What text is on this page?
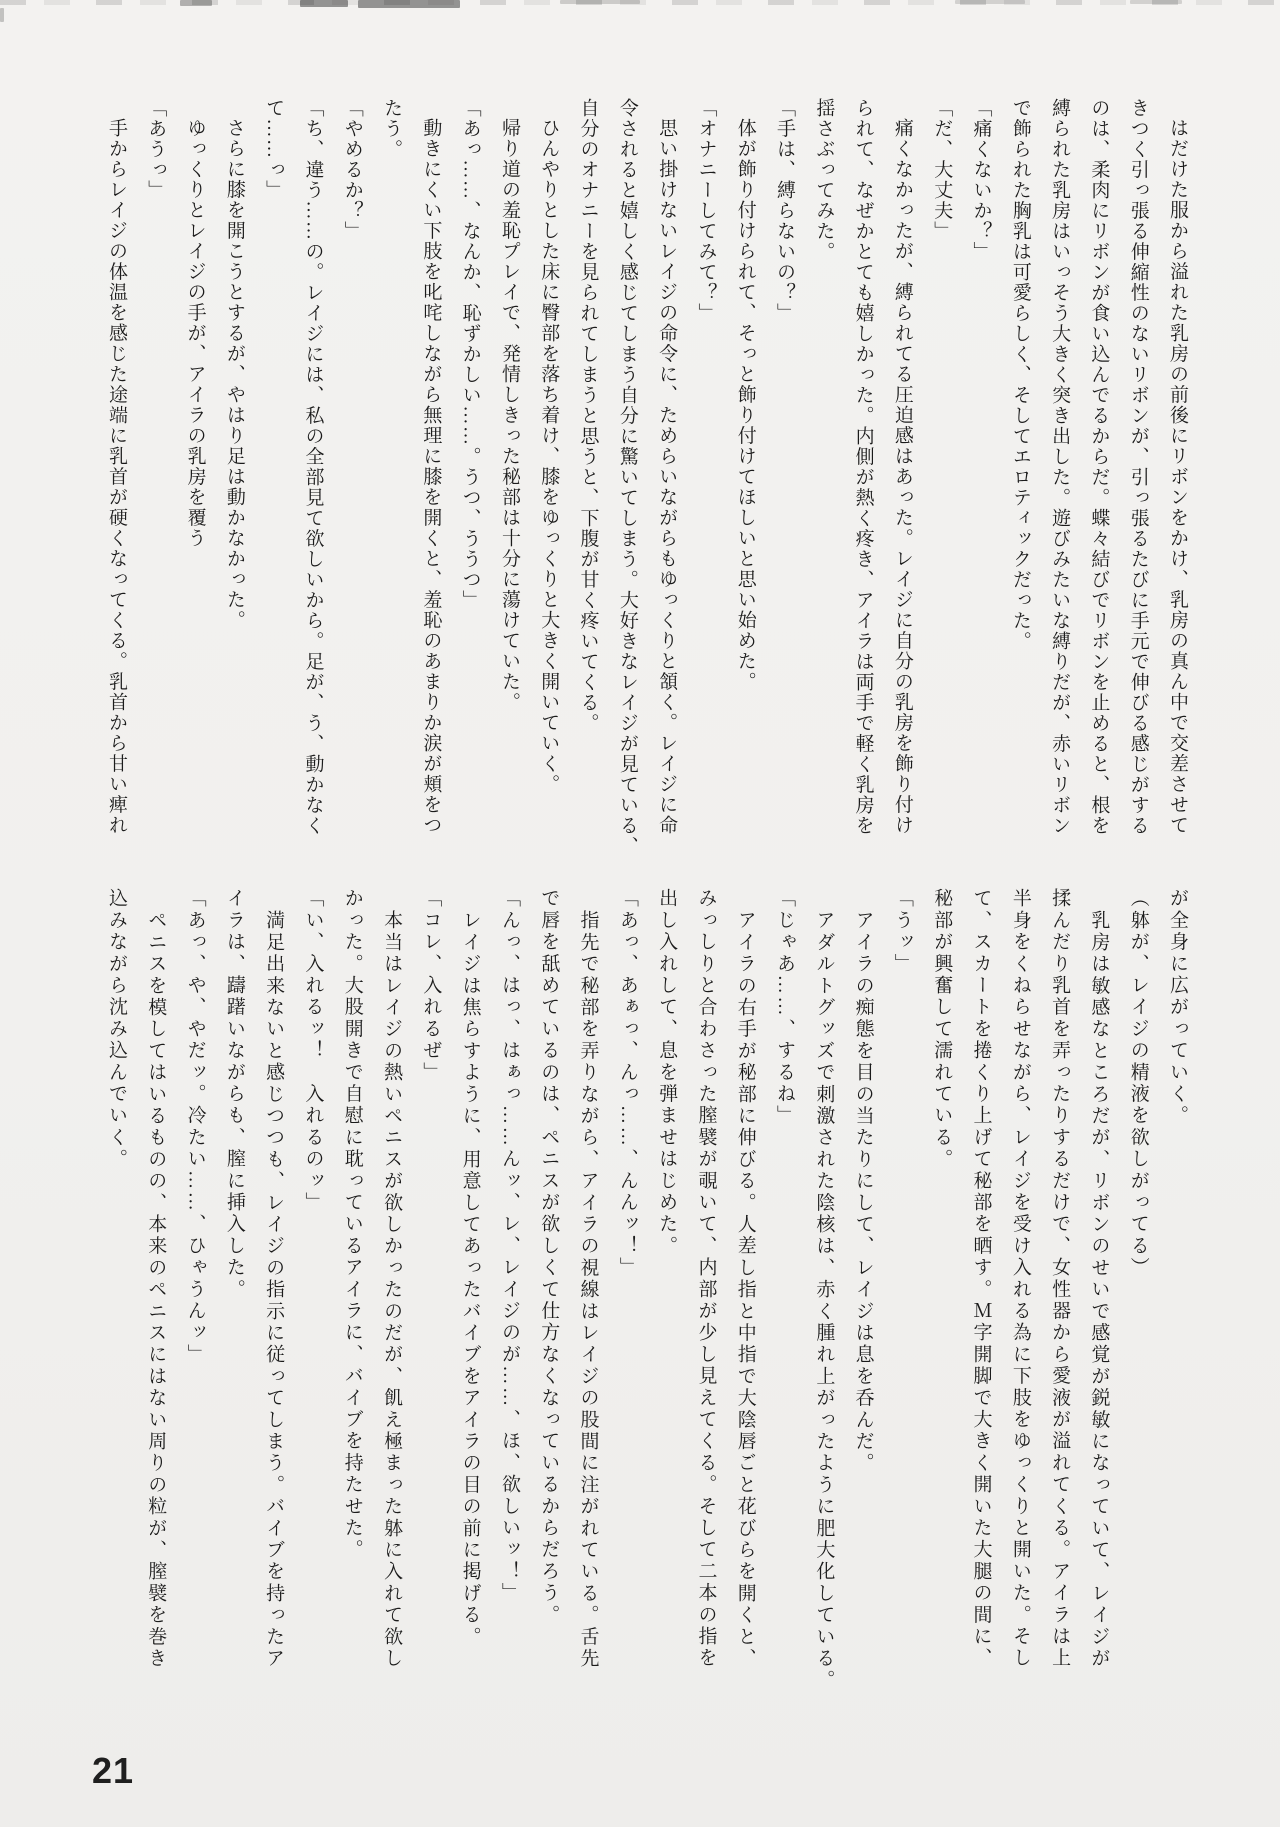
はだけた服から溢れた乳房の前後にリボンをかけ、乳房の真ん中で交差させて
きつく引っ張る伸縮性のないリボンが、引っ張るたびに手元で伸びる感じがする
のは、柔肉にリボンが食い込んでるからだ。蝶々結びでリボンを止めると、根を
縛られた乳房はいっそう大きく突き出した。遊びみたいな縛りだが、赤いリボン
で飾られた胸乳は可愛らしく、そしてエロティックだった。
「痛くないか？」
「だ、大丈夫」
痛くなかったが、縛られてる圧迫感はあった。レイジに自分の乳房を飾り付け
られて、なぜかとても嬉しかった。内側が熱く疼き、アイラは両手で軽く乳房を
揺さぶってみた。
「手は、縛らないの？」
体が飾り付けられて、そっと飾り付けてほしいと思い始めた。
「オナニーしてみて？」
思い掛けないレイジの命令に、ためらいながらもゆっくりと頷く。レイジに命
令されると嬉しく感じてしまう自分に驚いてしまう。大好きなレイジが見ている、
自分のオナニーを見られてしまうと思うと、下腹が甘く疼いてくる。
ひんやりとした床に臀部を落ち着け、膝をゆっくりと大きく開いていく。
帰り道の羞恥プレイで、発情しきった秘部は十分に蕩けていた。
「あっ……、なんか、恥ずかしい……。うつ、ううつ」
動きにくい下肢を叱咤しながら無理に膝を開くと、羞恥のあまりか涙が頬をつ
たう。
「やめるか？」
「ち、違う……の。レイジには、私の全部見て欲しいから。足が、う、動かなく
て……っ」
さらに膝を開こうとするが、やはり足は動かなかった。
ゆっくりとレイジの手が、アイラの乳房を覆う
「あうっ」
手からレイジの体温を感じた途端に乳首が硬くなってくる。乳首から甘い痺れ
が全身に広がっていく。
（躰が、レイジの精液を欲しがってる）
乳房は敏感なところだが、リボンのせいで感覚が鋭敏になっていて、レイジが
揉んだり乳首を弄ったりするだけで、女性器から愛液が溢れてくる。アイラは上
半身をくねらせながら、レイジを受け入れる為に下肢をゆっくりと開いた。そし
て、スカートを捲くり上げて秘部を晒す。Ｍ字開脚で大きく開いた大腿の間に、
秘部が興奮して濡れている。
「うッ」
アイラの痴態を目の当たりにして、レイジは息を呑んだ。
アダルトグッズで刺激された陰核は、赤く腫れ上がったように肥大化している。
「じゃあ……、するね」
アイラの右手が秘部に伸びる。人差し指と中指で大陰唇ごと花びらを開くと、
みっしりと合わさった膣襞が覗いて、内部が少し見えてくる。そして二本の指を
出し入れして、息を弾ませはじめた。
「あっ、あぁっ、んっ……、んんッ！」
指先で秘部を弄りながら、アイラの視線はレイジの股間に注がれている。舌先
で唇を舐めているのは、ペニスが欲しくて仕方なくなっているからだろう。
「んっ、はっ、はぁっ……んッ、レ、レイジのが……、ほ、欲しいッ！」
レイジは焦らすように、用意してあったバイブをアイラの目の前に掲げる。
「コレ、入れるぜ」
本当はレイジの熱いペニスが欲しかったのだが、飢え極まった躰に入れて欲し
かった。大股開きで自慰に耽っているアイラに、バイブを持たせた。
「い、入れるッ！　入れるのッ」
満足出来ないと感じつつも、レイジの指示に従ってしまう。バイブを持ったア
イラは、躊躇いながらも、膣に挿入した。
「あっ、や、やだッ。冷たい……、ひゃうんッ」
ペニスを模してはいるものの、本来のペニスにはない周りの粒が、膣襞を巻き
込みながら沈み込んでいく。
21
